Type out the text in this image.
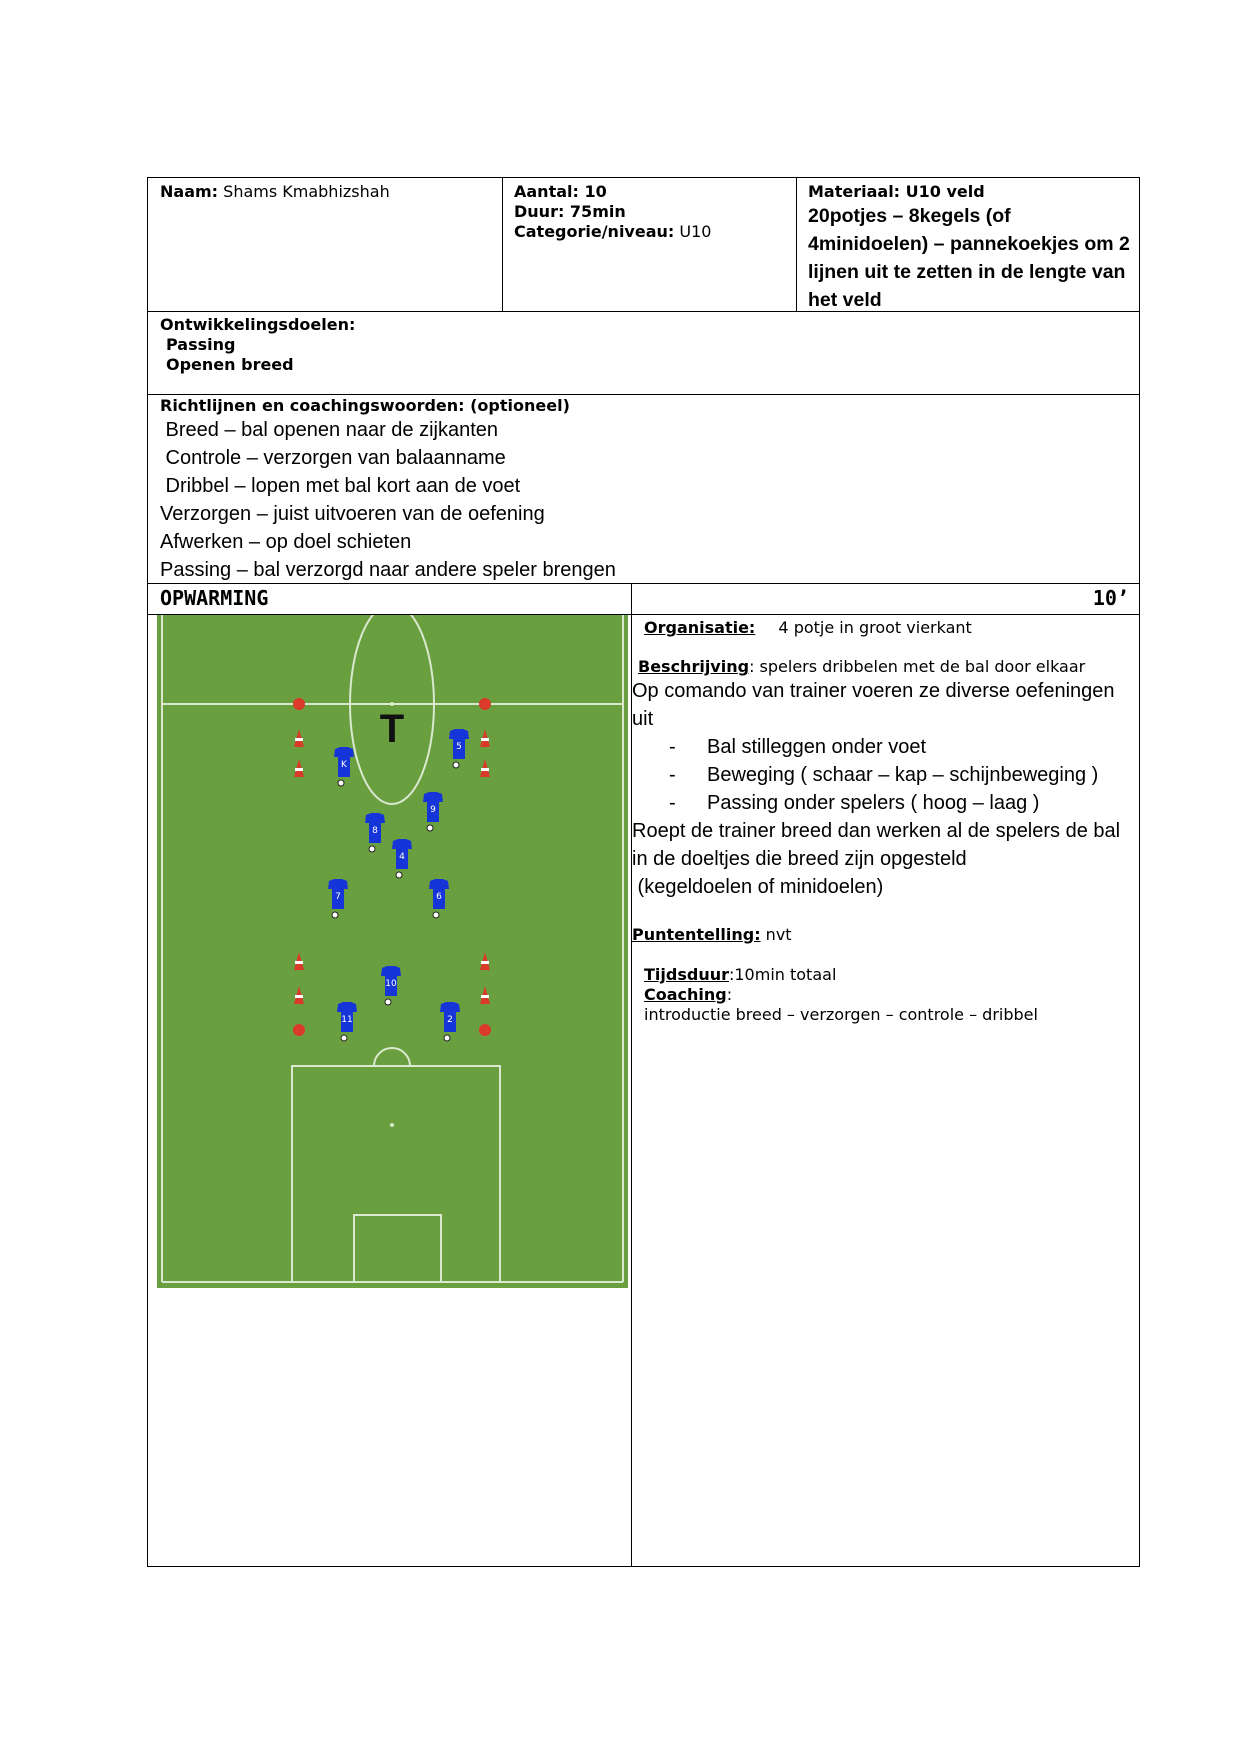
Naam: Shams Kmabhizshah	Aantal: 10
Duur: 75min
Categorie/niveau: U10
Materiaal: U10 veld
20potjes – 8kegels (of
4minidoelen) – pannekoekjes om 2
lijnen uit te zetten in de lengte van
het veld
Ontwikkelingsdoelen:
Passing
Openen breed
Richtlijnen en coachingswoorden: (optioneel)
Breed – bal openen naar de zijkanten
Controle – verzorgen van balaanname
Dribbel – lopen met bal kort aan de voet
Verzorgen – juist uitvoeren van de oefening
Afwerken – op doel schieten
Passing – bal verzorgd naar andere speler brengen
OPWARMING	10’
T
K
5
9
8
4
7	6
10
11	2
Organisatie: 4 potje in groot vierkant
Beschrijving: spelers dribbelen met de bal door elkaar
Op comando van trainer voeren ze diverse oefeningen
uit
- Bal stilleggen onder voet
- Beweging ( schaar – kap – schijnbeweging )
- Passing onder spelers ( hoog – laag )
Roept de trainer breed dan werken al de spelers de bal
in de doeltjes die breed zijn opgesteld
(kegeldoelen of minidoelen)
Puntentelling: nvt
Tijdsduur:10min totaal
Coaching:
introductie breed – verzorgen – controle – dribbel
